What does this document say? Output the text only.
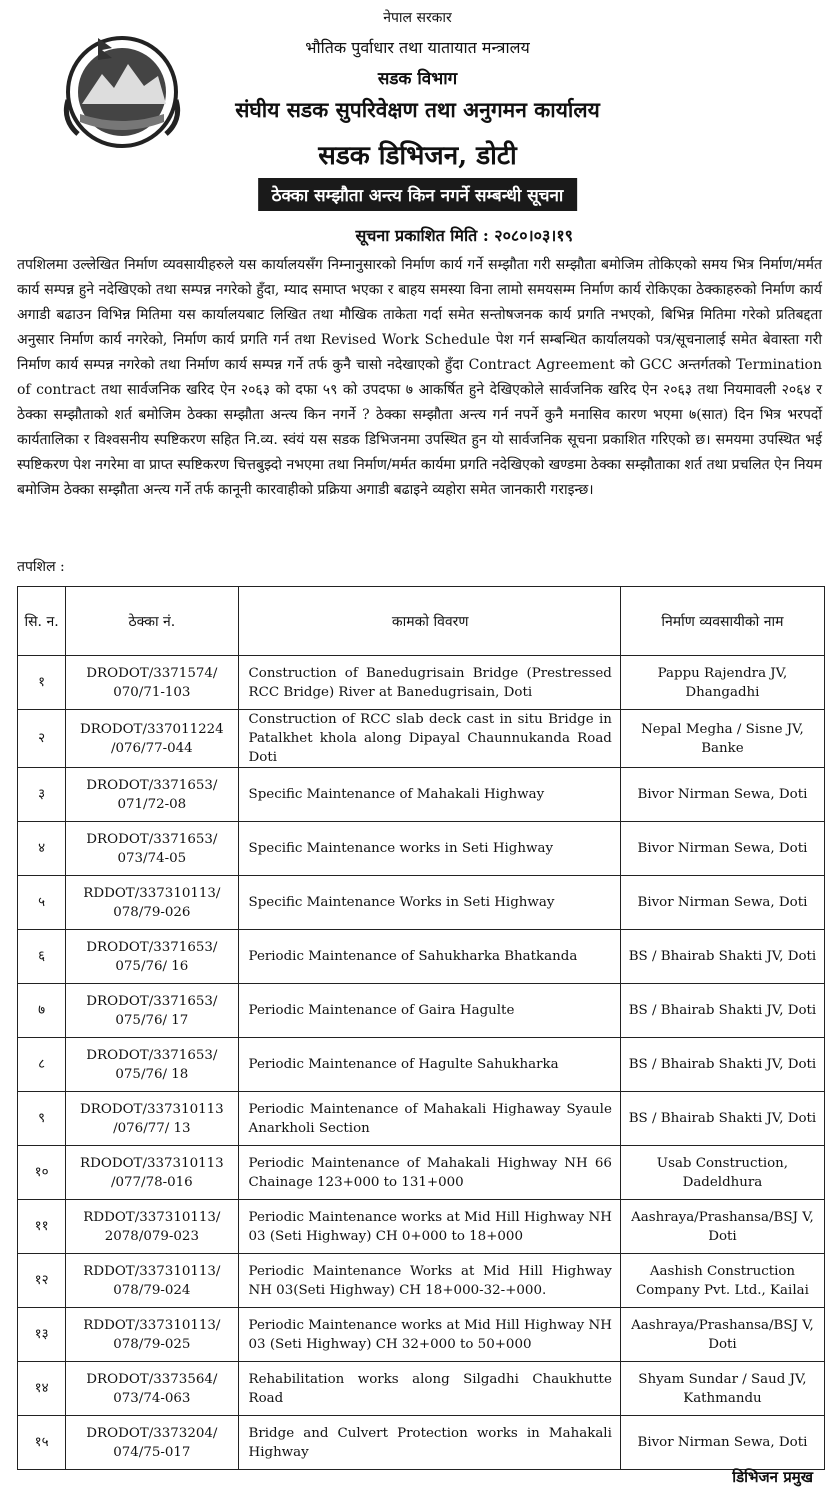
नेपाल सरकार
भौतिक पुर्वाधार तथा यातायात मन्त्रालय
सडक विभाग
संघीय सडक सुपरिवेक्षण तथा अनुगमन कार्यालय
सडक डिभिजन, डोटी
ठेक्का सम्झौता अन्त्य किन नगर्ने सम्बन्धी सूचना
सूचना प्रकाशित मिति : २०८०।०३।१९
तपशिलमा उल्लेखित निर्माण व्यवसायीहरुले यस कार्यालयसँग निम्नानुसारको निर्माण कार्य गर्ने सम्झौता गरी सम्झौता बमोजिम तोकिएको समय भित्र निर्माण/मर्मत कार्य सम्पन्न हुने नदेखिएको तथा सम्पन्न नगरेको हुँदा, म्याद समाप्त भएका र बाहय समस्या विना लामो समयसम्म निर्माण कार्य रोकिएका ठेक्काहरुको निर्माण कार्य अगाडी बढाउन विभिन्न मितिमा यस कार्यालयबाट लिखित तथा मौखिक ताकेता गर्दा समेत सन्तोषजनक कार्य प्रगति नभएको, बिभिन्न मितिमा गरेको प्रतिबद्दता अनुसार निर्माण कार्य नगरेको, निर्माण कार्य प्रगति गर्न तथा Revised Work Schedule पेश गर्न सम्बन्धित कार्यालयको पत्र/सूचनालाई समेत बेवास्ता गरी निर्माण कार्य सम्पन्न नगरेको तथा निर्माण कार्य सम्पन्न गर्ने तर्फ कुनै चासो नदेखाएको हुँदा Contract Agreement को GCC अन्तर्गतको Termination of contract तथा सार्वजनिक खरिद ऐन २०६३ को दफा ५९ को उपदफा ७ आकर्षित हुने देखिएकोले सार्वजनिक खरिद ऐन २०६३ तथा नियमावली २०६४ र ठेक्का सम्झौताको शर्त बमोजिम ठेक्का सम्झौता अन्त्य किन नगर्ने ? ठेक्का सम्झौता अन्त्य गर्न नपर्ने कुनै मनासिव कारण भएमा ७(सात) दिन भित्र भरपर्दो कार्यतालिका र विश्वसनीय स्पष्टिकरण सहित नि.व्य. स्वंयं यस सडक डिभिजनमा उपस्थित हुन यो सार्वजनिक सूचना प्रकाशित गरिएको छ। समयमा उपस्थित भई स्पष्टिकरण पेश नगरेमा वा प्राप्त स्पष्टिकरण चित्तबुझ्दो नभएमा तथा निर्माण/मर्मत कार्यमा प्रगति नदेखिएको खण्डमा ठेक्का सम्झौताका शर्त तथा प्रचलित ऐन नियम बमोजिम ठेक्का सम्झौता अन्त्य गर्ने तर्फ कानूनी कारवाहीको प्रक्रिया अगाडी बढाइने व्यहोरा समेत जानकारी गराइन्छ।
तपशिल :
सि. न.	ठेक्का नं.	कामको विवरण	निर्माण व्यवसायीको नाम
१	DRODOT/3371574/ 070/71-103	Construction of Banedugrisain Bridge (Prestressed RCC Bridge) River at Banedugrisain, Doti	Pappu Rajendra JV, Dhangadhi
२	DRODOT/337011224 /076/77-044	Construction of RCC slab deck cast in situ Bridge in Patalkhet khola along Dipayal Chaunnukanda Road Doti	Nepal Megha / Sisne JV, Banke
३	DRODOT/3371653/ 071/72-08	Specific Maintenance of Mahakali Highway	Bivor Nirman Sewa, Doti
४	DRODOT/3371653/ 073/74-05	Specific Maintenance works in Seti Highway	Bivor Nirman Sewa, Doti
५	RDDOT/337310113/ 078/79-026	Specific Maintenance Works in Seti Highway	Bivor Nirman Sewa, Doti
६	DRODOT/3371653/ 075/76/ 16	Periodic Maintenance of Sahukharka Bhatkanda	BS / Bhairab Shakti JV, Doti
७	DRODOT/3371653/ 075/76/ 17	Periodic Maintenance of Gaira Hagulte	BS / Bhairab Shakti JV, Doti
८	DRODOT/3371653/ 075/76/ 18	Periodic Maintenance of Hagulte Sahukharka	BS / Bhairab Shakti JV, Doti
९	DRODOT/337310113 /076/77/ 13	Periodic Maintenance of Mahakali Highaway Syaule Anarkholi Section	BS / Bhairab Shakti JV, Doti
१०	RDODOT/337310113 /077/78-016	Periodic Maintenance of Mahakali Highway NH 66 Chainage 123+000 to 131+000	Usab Construction, Dadeldhura
११	RDDOT/337310113/ 2078/079-023	Periodic Maintenance works at Mid Hill Highway NH 03 (Seti Highway) CH 0+000 to 18+000	Aashraya/Prashansa/BSJ V, Doti
१२	RDDOT/337310113/ 078/79-024	Periodic Maintenance Works at Mid Hill Highway NH 03(Seti Highway) CH 18+000-32-+000.	Aashish Construction Company Pvt. Ltd., Kailai
१३	RDDOT/337310113/ 078/79-025	Periodic Maintenance works at Mid Hill Highway NH 03 (Seti Highway) CH 32+000 to 50+000	Aashraya/Prashansa/BSJ V, Doti
१४	DRODOT/3373564/ 073/74-063	Rehabilitation works along Silgadhi Chaukhutte Road	Shyam Sundar / Saud JV, Kathmandu
१५	DRODOT/3373204/ 074/75-017	Bridge and Culvert Protection works in Mahakali Highway	Bivor Nirman Sewa, Doti
डिभिजन प्रमुख
